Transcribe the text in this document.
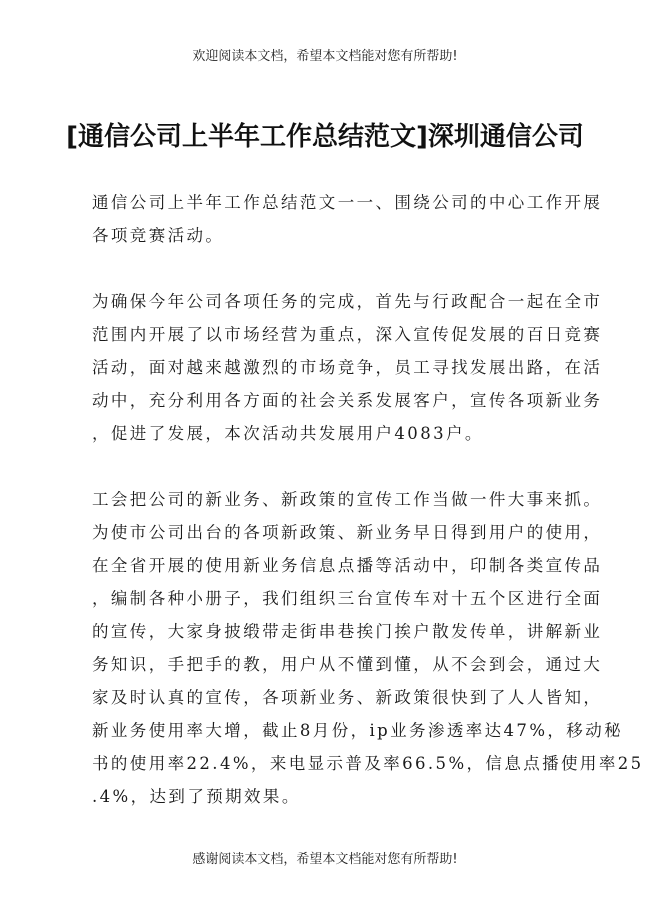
欢迎阅读本文档，希望本文档能对您有所帮助!
[通信公司上半年工作总结范文]深圳通信公司
通信公司上半年工作总结范文一一、围绕公司的中心工作开展
各项竞赛活动。
为确保今年公司各项任务的完成，首先与行政配合一起在全市
范围内开展了以市场经营为重点，深入宣传促发展的百日竞赛
活动，面对越来越激烈的市场竞争，员工寻找发展出路，在活
动中，充分利用各方面的社会关系发展客户，宣传各项新业务
，促进了发展，本次活动共发展用户4083户。
工会把公司的新业务、新政策的宣传工作当做一件大事来抓。
为使市公司出台的各项新政策、新业务早日得到用户的使用，
在全省开展的使用新业务信息点播等活动中，印制各类宣传品
，编制各种小册子，我们组织三台宣传车对十五个区进行全面
的宣传，大家身披缎带走街串巷挨门挨户散发传单，讲解新业
务知识，手把手的教，用户从不懂到懂，从不会到会，通过大
家及时认真的宣传，各项新业务、新政策很快到了人人皆知，
新业务使用率大增，截止8月份，ip业务渗透率达47%，移动秘
书的使用率22.4%，来电显示普及率66.5%，信息点播使用率25
.4%，达到了预期效果。
感谢阅读本文档，希望本文档能对您有所帮助!
